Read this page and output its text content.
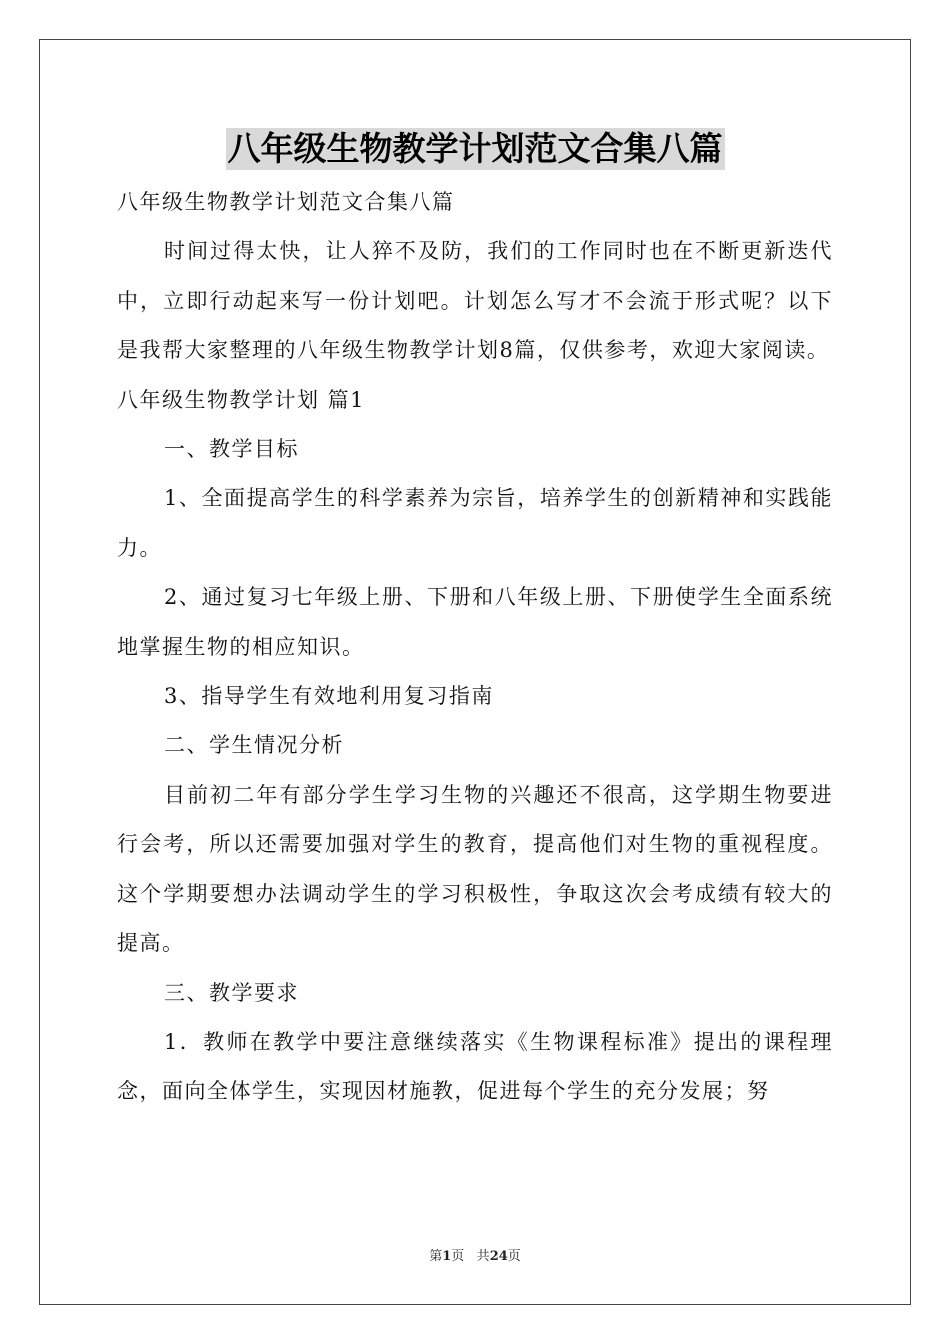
八年级生物教学计划范文合集八篇

八年级生物教学计划范文合集八篇

时间过得太快，让人猝不及防，我们的工作同时也在不断更新迭代中，立即行动起来写一份计划吧。计划怎么写才不会流于形式呢？以下是我帮大家整理的八年级生物教学计划8篇，仅供参考，欢迎大家阅读。

八年级生物教学计划 篇1

一、教学目标

1、全面提高学生的科学素养为宗旨，培养学生的创新精神和实践能力。

2、通过复习七年级上册、下册和八年级上册、下册使学生全面系统地掌握生物的相应知识。

3、指导学生有效地利用复习指南

二、学生情况分析

目前初二年有部分学生学习生物的兴趣还不很高，这学期生物要进行会考，所以还需要加强对学生的教育，提高他们对生物的重视程度。这个学期要想办法调动学生的学习积极性，争取这次会考成绩有较大的提高。

三、教学要求

1．教师在教学中要注意继续落实《生物课程标准》提出的课程理念，面向全体学生，实现因材施教，促进每个学生的充分发展；努

第1页 共24页
